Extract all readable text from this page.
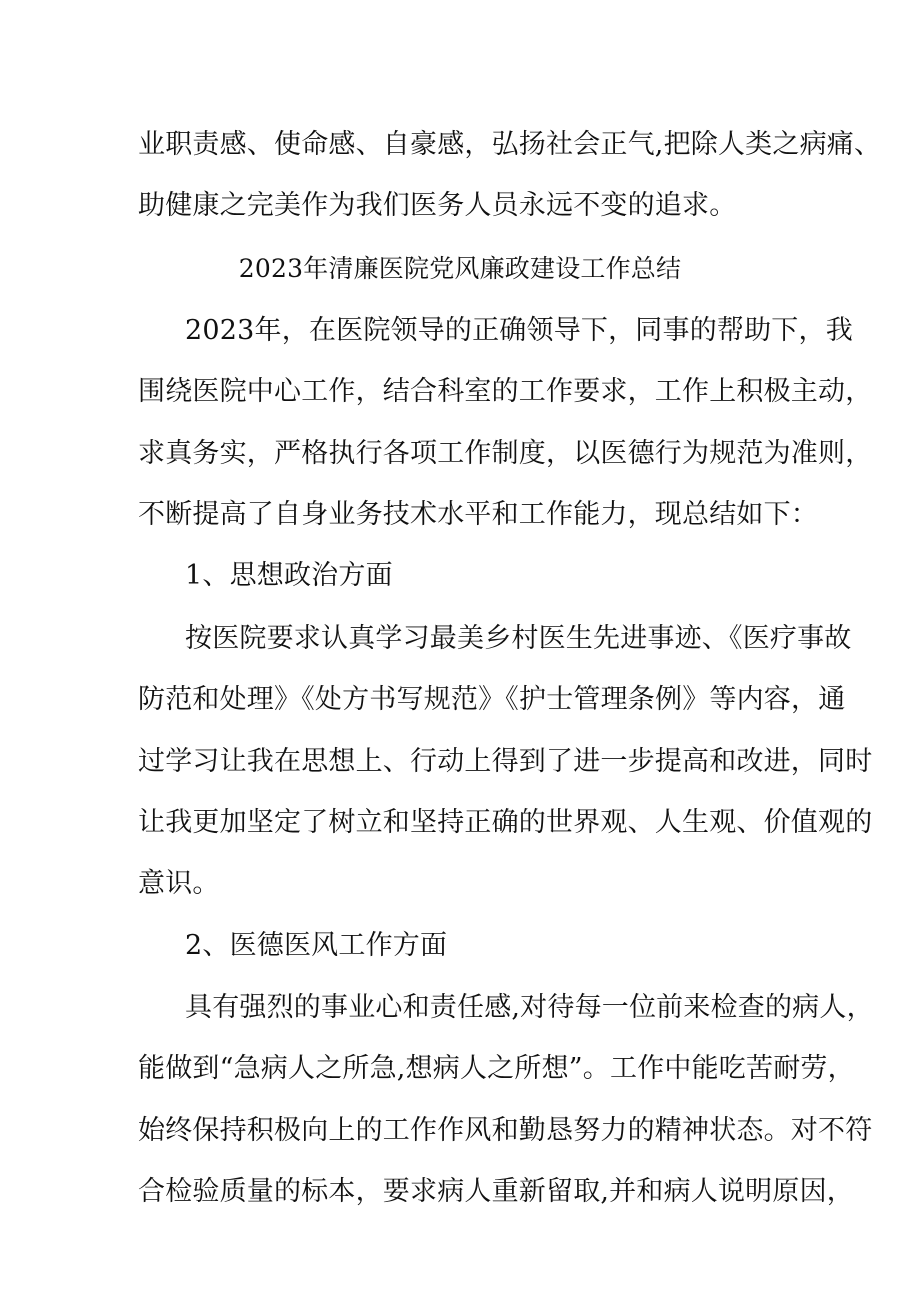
业职责感、使命感、自豪感，弘扬社会正气,把除人类之病痛、
助健康之完美作为我们医务人员永远不变的追求。
2023年清廉医院党风廉政建设工作总结
2023年，在医院领导的正确领导下，同事的帮助下，我
围绕医院中心工作，结合科室的工作要求，工作上积极主动，
求真务实，严格执行各项工作制度，以医德行为规范为准则，
不断提高了自身业务技术水平和工作能力，现总结如下：
1、思想政治方面
按医院要求认真学习最美乡村医生先进事迹、《医疗事故
防范和处理》《处方书写规范》《护士管理条例》等内容，通
过学习让我在思想上、行动上得到了进一步提高和改进，同时
让我更加坚定了树立和坚持正确的世界观、人生观、价值观的
意识。
2、医德医风工作方面
具有强烈的事业心和责任感,对待每一位前来检查的病人，
能做到“急病人之所急,想病人之所想”。工作中能吃苦耐劳，
始终保持积极向上的工作作风和勤恳努力的精神状态。对不符
合检验质量的标本，要求病人重新留取,并和病人说明原因，
